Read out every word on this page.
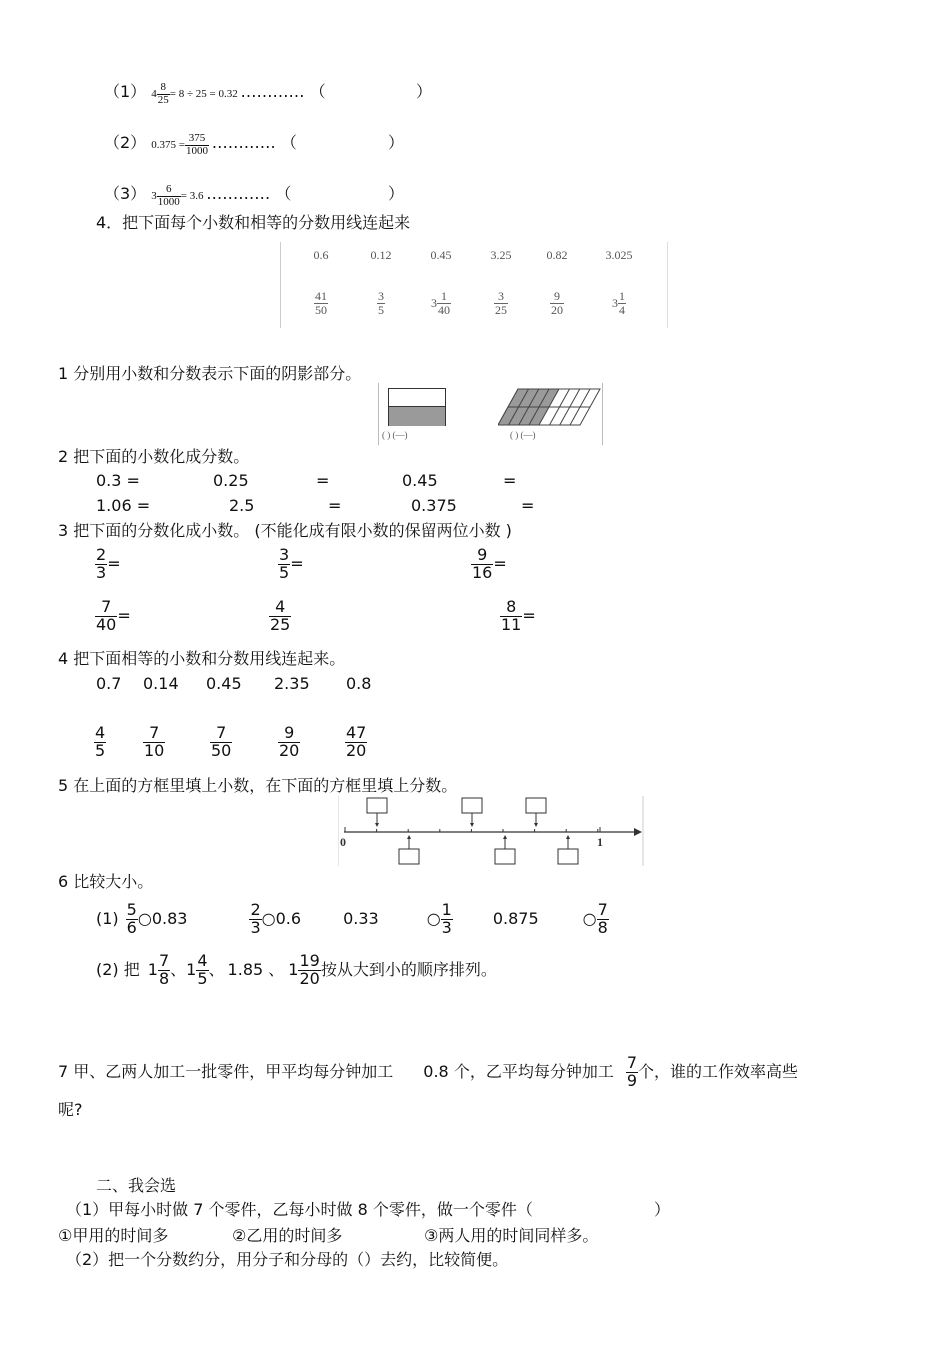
（1） $4 \frac{8}{25} = 8 \div 25 = 0.32$ ………… （	）
（2） $0.375 = \frac{375}{1000}$ ………… （	）
（3） $3 \frac{6}{1000} = 3.6$ ………… （	）
4．把下面每个小数和相等的分数用线连起来
0.6	0.12	0.45	3.25	0.82	3.025
$\frac{41}{50}$	$\frac{3}{5}$	$3 \frac{1}{40}$	$\frac{3}{25}$	$\frac{9}{20}$	$3 \frac{1}{4}$
1 分别用小数和分数表示下面的阴影部分。
( ) (—)	( ) (—)
2 把下面的小数化成分数。
0.3 =	0.25	=	0.45	=
1.06 =	2.5	=	0.375	=
3 把下面的分数化成小数。 (不能化成有限小数的保留两位小数 )
$\frac{2}{3}$ =	$\frac{3}{5}$ =	$\frac{9}{16}$ =
$\frac{7}{40}$ =	$\frac{4}{25}$	$\frac{8}{11}$ =
4 把下面相等的小数和分数用线连起来。
0.7 0.14 0.45 2.35 0.8
$\frac{4}{5} \frac{7}{10}$	$\frac{7}{50}$	$\frac{9}{20}$	$\frac{47}{20}$
5 在上面的方框里填上小数，在下面的方框里填上分数。
0	1
6 比较大小。
$(1) \frac{5}{6}$ ○ 0.83	$\frac{2}{3}$ ○ 0.6	0.33	○ $\frac{1}{3}$	0.875	○ $\frac{7}{8}$
(2) 把 $1 \frac{7}{8}$ 、 $1 \frac{4}{5}$ 、 1.85 、 $1 \frac{19}{20}$ 按从大到小的顺序排列。
7 甲、乙两人加工一批零件，甲平均每分钟加工 0.8 个，乙平均每分钟加工 $\frac{7}{9}$ 个，谁的工作效率高些
呢?
二、我会选
（1）甲每小时做 7 个零件，乙每小时做 8 个零件，做一个零件（	）
①甲用的时间多	②乙用的时间多	③两人用的时间同样多。
（2）把一个分数约分，用分子和分母的（）去约，比较简便。
